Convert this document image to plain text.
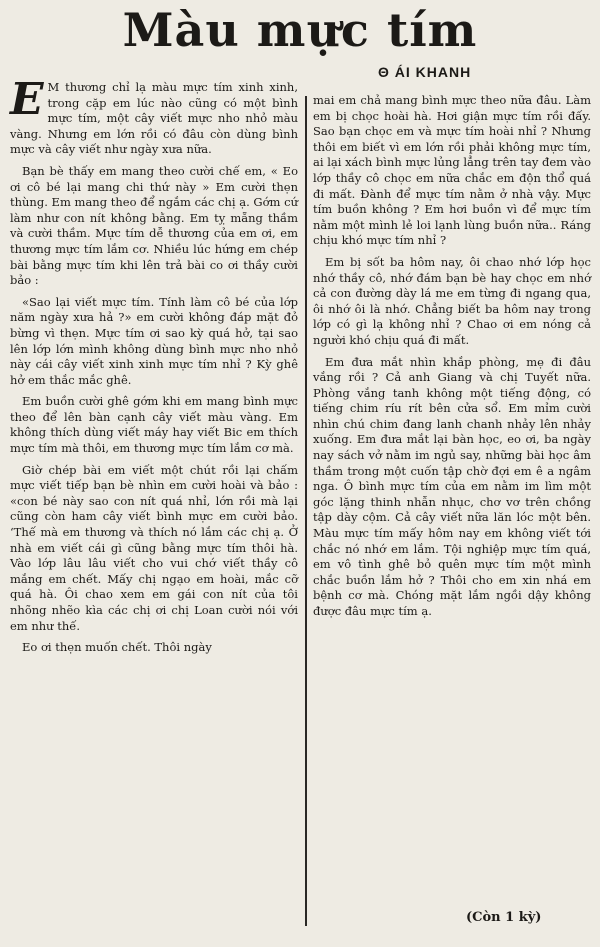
Màu mực tím
Θ ÁI KHANH

E M thương chỉ lạ màu mực tím xinh xinh, trong cặp em lúc nào cũng có một bình mực tím, một cây viết mực nho nhỏ màu vàng. Nhưng em lớn rồi có đâu còn dùng bình mực và cây viết như ngày xưa nữa.

Bạn bè thấy em mang theo cười chế em, « Eo ơi cô bé lại mang chi thứ này » Em cười thẹn thùng. Em mang theo để ngắm các chị ạ. Gớm cứ làm như con nít không bằng. Em tỵ mẵng thầm và cười thầm. Mực tím dễ thương của em ơi, em thương mực tím lắm cơ. Nhiều lúc hứng em chép bài bằng mực tím khi lên trả bài co ơi thầy cười bảo :

«Sao lại viết mực tím. Tính làm cô bé của lớp năm ngày xưa hả ?» em cười không đáp mặt đỏ bừng vì thẹn. Mực tím ơi sao kỳ quá hở, tại sao lên lớp lớn mình không dùng bình mực nho nhỏ này cái cây viết xinh xinh mực tím nhỉ ? Kỳ ghê hở em thắc mắc ghê.

Em buồn cười ghê gớm khi em mang bình mực theo để lên bàn cạnh cây viết màu vàng. Em không thích dùng viết máy hay viết Bic em thích mực tím mà thôi, em thương mực tím lắm cơ mà.

Giờ chép bài em viết một chút rồi lại chấm mực viết tiếp bạn bè nhìn em cười hoài và bảo : «con bé này sao con nít quá nhỉ, lớn rồi mà lại cũng còn ham cây viết bình mực em cười bảo. ‘Thế mà em thương và thích nó lắm các chị ạ. Ở nhà em viết cái gì cũng bằng mực tím thôi hà. Vào lớp lâu lâu viết cho vui chớ viết thầy cô mắng em chết. Mấy chị ngạo em hoài, mắc cỡ quá hà. Ôi chao xem em gái con nít của tôi nhõng nhẽo kìa các chị ơi chị Loan cười nói với em như thế.

Eo ơi thẹn muốn chết. Thôi ngày

mai em chả mang bình mực theo nữa đâu. Làm em bị chọc hoài hà. Hơi giận mực tím rồi đấy. Sao bạn chọc em và mực tím hoài nhỉ ? Nhưng thôi em biết vì em lớn rồi phải không mực tím, ai lại xách bình mực lủng lẳng trên tay đem vào lớp thầy cô chọc em nữa chắc em độn thổ quá đi mất. Đành để mực tím nằm ở nhà vậy. Mực tím buồn không ? Em hơi buồn vì để mực tím nằm một mình lẻ loi lạnh lùng buồn nữa.. Ráng chịu khó mực tím nhỉ ?

Em bị sốt ba hôm nay, ôi chao nhớ lớp học nhớ thầy cô, nhớ đám bạn bè hay chọc em nhớ cả con đường dày lá me em từng đi ngang qua, ôi nhớ ôi là nhớ. Chẳng biết ba hôm nay trong lớp có gì lạ không nhỉ ? Chao ơi em nóng cả người khó chịu quá đi mất.

Em đưa mắt nhìn khắp phòng, mẹ đi đâu vắng rồi ? Cả anh Giang và chị Tuyết nữa. Phòng vắng tanh không một tiếng động, có tiếng chim ríu rít bên cửa sổ. Em mỉm cười nhìn chú chim đang lanh chanh nhảy lên nhảy xuống. Em đưa mắt lại bàn học, eo ơi, ba ngày nay sách vở nằm im ngủ say, những bài học âm thầm trong một cuốn tập chờ đợi em ê a ngâm nga. Ô bình mực tím của em nằm im lìm một góc lặng thinh nhẫn nhục, chơ vơ trên chồng tập dày cộm. Cả cây viết nữa lăn lóc một bên. Màu mực tím mấy hôm nay em không viết tới chắc nó nhớ em lắm. Tội nghiệp mực tím quá, em vô tình ghê bỏ quên mực tím một mình chắc buồn lắm hở ? Thôi cho em xin nhá em bệnh cơ mà. Chóng mặt lắm ngồi dậy không được đâu mực tím ạ.

(Còn 1 kỳ)
